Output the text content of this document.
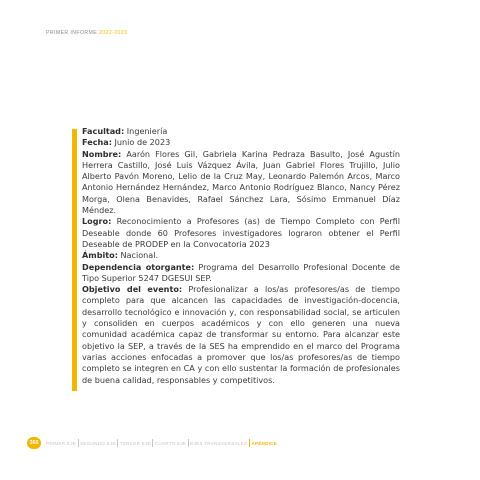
PRIMER INFORME 2022-2023

Facultad: Ingeniería

Fecha: Junio de 2023

Nombre: Aarón Flores Gil, Gabriela Karina Pedraza Basulto, José Agustín Herrera Castillo, José Luis Vázquez Ávila, Juan Gabriel Flores Trujillo, Julio Alberto Pavón Moreno, Lelio de la Cruz May, Leonardo Palemón Arcos, Marco Antonio Hernández Hernández, Marco Antonio Rodríguez Blanco, Nancy Pérez Morga, Olena Benavides, Rafael Sánchez Lara, Sósimo Emmanuel Díaz Méndez.

Logro: Reconocimiento a Profesores (as) de Tiempo Completo con Perfil Deseable donde 60 Profesores investigadores lograron obtener el Perfil Deseable de PRODEP en la Convocatoria 2023

Ámbito: Nacional.

Dependencia otorgante: Programa del Desarrollo Profesional Docente de Tipo Superior 5247 DGESUI SEP.

Objetivo del evento: Profesionalizar a los/as profesores/as de tiempo completo para que alcancen las capacidades de investigación-docencia, desarrollo tecnológico e innovación y, con responsabilidad social, se articulen y consoliden en cuerpos académicos y con ello generen una nueva comunidad académica capaz de transformar su entorno. Para alcanzar este objetivo la SEP, a través de la SES ha emprendido en el marco del Programa varias acciones enfocadas a promover que los/as profesores/as de tiempo completo se integren en CA y con ello sustentar la formación de profesionales de buena calidad, responsables y competitivos.

366	PRIMER EJE SEGUNDO EJE TERCER EJE CUARTO EJE EJES TRANSVERSALES APÉNDICE
